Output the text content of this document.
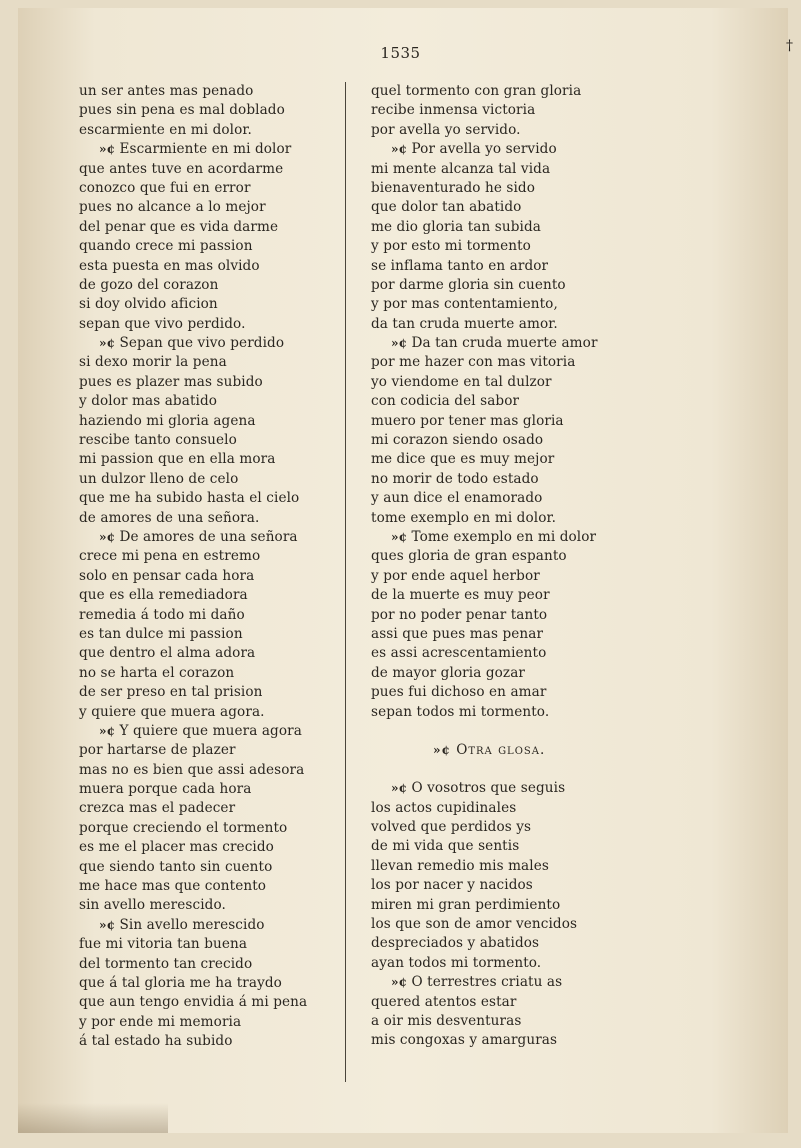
1535	†
un ser antes mas penado
pues sin pena es mal doblado
escarmiente en mi dolor.
»¢ Escarmiente en mi dolor
que antes tuve en acordarme
conozco que fui en error
pues no alcance a lo mejor
del penar que es vida darme
quando crece mi passion
esta puesta en mas olvido
de gozo del corazon
si doy olvido aficion
sepan que vivo perdido.
»¢ Sepan que vivo perdido
si dexo morir la pena
pues es plazer mas subido
y dolor mas abatido
haziendo mi gloria agena
rescibe tanto consuelo
mi passion que en ella mora
un dulzor lleno de celo
que me ha subido hasta el cielo
de amores de una señora.
»¢ De amores de una señora
crece mi pena en estremo
solo en pensar cada hora
que es ella remediadora
remedia á todo mi daño
es tan dulce mi passion
que dentro el alma adora
no se harta el corazon
de ser preso en tal prision
y quiere que muera agora.
»¢ Y quiere que muera agora
por hartarse de plazer
mas no es bien que assi adesora
muera porque cada hora
crezca mas el padecer
porque creciendo el tormento
es me el placer mas crecido
que siendo tanto sin cuento
me hace mas que contento
sin avello merescido.
»¢ Sin avello merescido
fue mi vitoria tan buena
del tormento tan crecido
que á tal gloria me ha traydo
que aun tengo envidia á mi pena
y por ende mi memoria
á tal estado ha subido
quel tormento con gran gloria
recibe inmensa victoria
por avella yo servido.
»¢ Por avella yo servido
mi mente alcanza tal vida
bienaventurado he sido
que dolor tan abatido
me dio gloria tan subida
y por esto mi tormento
se inflama tanto en ardor
por darme gloria sin cuento
y por mas contentamiento,
da tan cruda muerte amor.
»¢ Da tan cruda muerte amor
por me hazer con mas vitoria
yo viendome en tal dulzor
con codicia del sabor
muero por tener mas gloria
mi corazon siendo osado
me dice que es muy mejor
no morir de todo estado
y aun dice el enamorado
tome exemplo en mi dolor.
»¢ Tome exemplo en mi dolor
ques gloria de gran espanto
y por ende aquel herbor
de la muerte es muy peor
por no poder penar tanto
assi que pues mas penar
es assi acrescentamiento
de mayor gloria gozar
pues fui dichoso en amar
sepan todos mi tormento.
»¢ Otra glosa.
»¢ O vosotros que seguis
los actos cupidinales
volved que perdidos ys
de mi vida que sentis
llevan remedio mis males
los por nacer y nacidos
miren mi gran perdimiento
los que son de amor vencidos
despreciados y abatidos
ayan todos mi tormento.
»¢ O terrestres criatu as
quered atentos estar
a oir mis desventuras
mis congoxas y amarguras
